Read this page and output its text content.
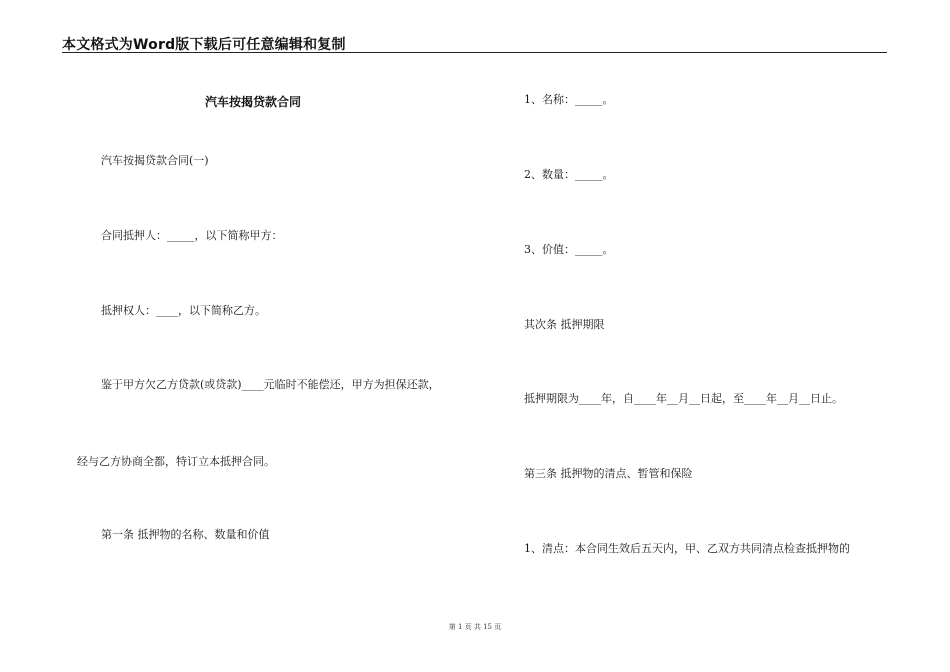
本文格式为Word版下载后可任意编辑和复制
汽车按揭贷款合同
汽车按揭贷款合同(一)
合同抵押人：_____，以下简称甲方：
抵押权人：____，以下简称乙方。
鉴于甲方欠乙方贷款(或贷款)____元临时不能偿还，甲方为担保还款，
经与乙方协商全都，特订立本抵押合同。
第一条 抵押物的名称、数量和价值
1、名称：_____。
2、数量：_____。
3、价值：_____。
其次条 抵押期限
抵押期限为____年，自____年__月__日起，至____年__月__日止。
第三条 抵押物的清点、暂管和保险
1、清点：本合同生效后五天内，甲、乙双方共同清点检查抵押物的
第 1 页 共 15 页
